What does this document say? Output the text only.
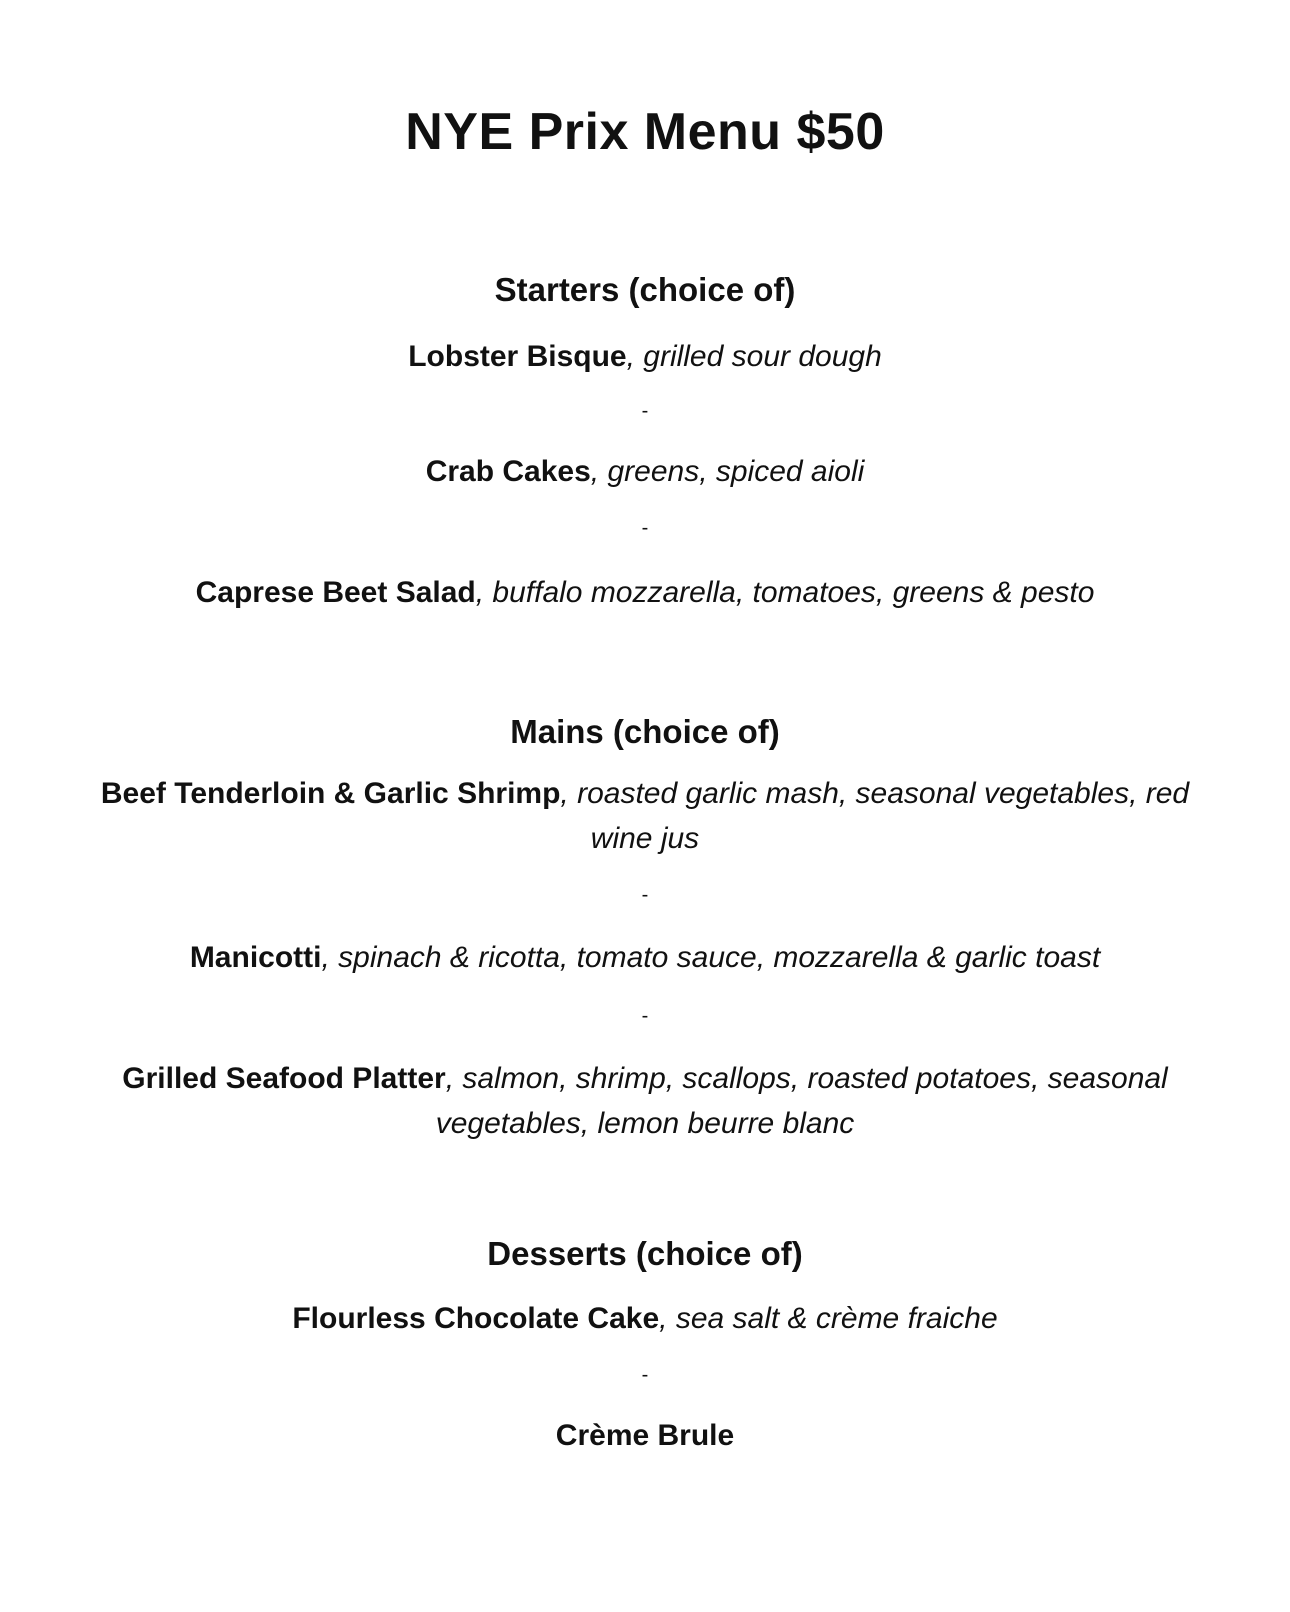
NYE Prix Menu $50
Starters (choice of)
Lobster Bisque, grilled sour dough
-
Crab Cakes, greens, spiced aioli
-
Caprese Beet Salad, buffalo mozzarella, tomatoes, greens & pesto
Mains (choice of)
Beef Tenderloin & Garlic Shrimp, roasted garlic mash, seasonal vegetables, red wine jus
-
Manicotti, spinach & ricotta, tomato sauce, mozzarella & garlic toast
-
Grilled Seafood Platter, salmon, shrimp, scallops, roasted potatoes, seasonal vegetables, lemon beurre blanc
Desserts (choice of)
Flourless Chocolate Cake, sea salt & crème fraiche
-
Crème Brule
